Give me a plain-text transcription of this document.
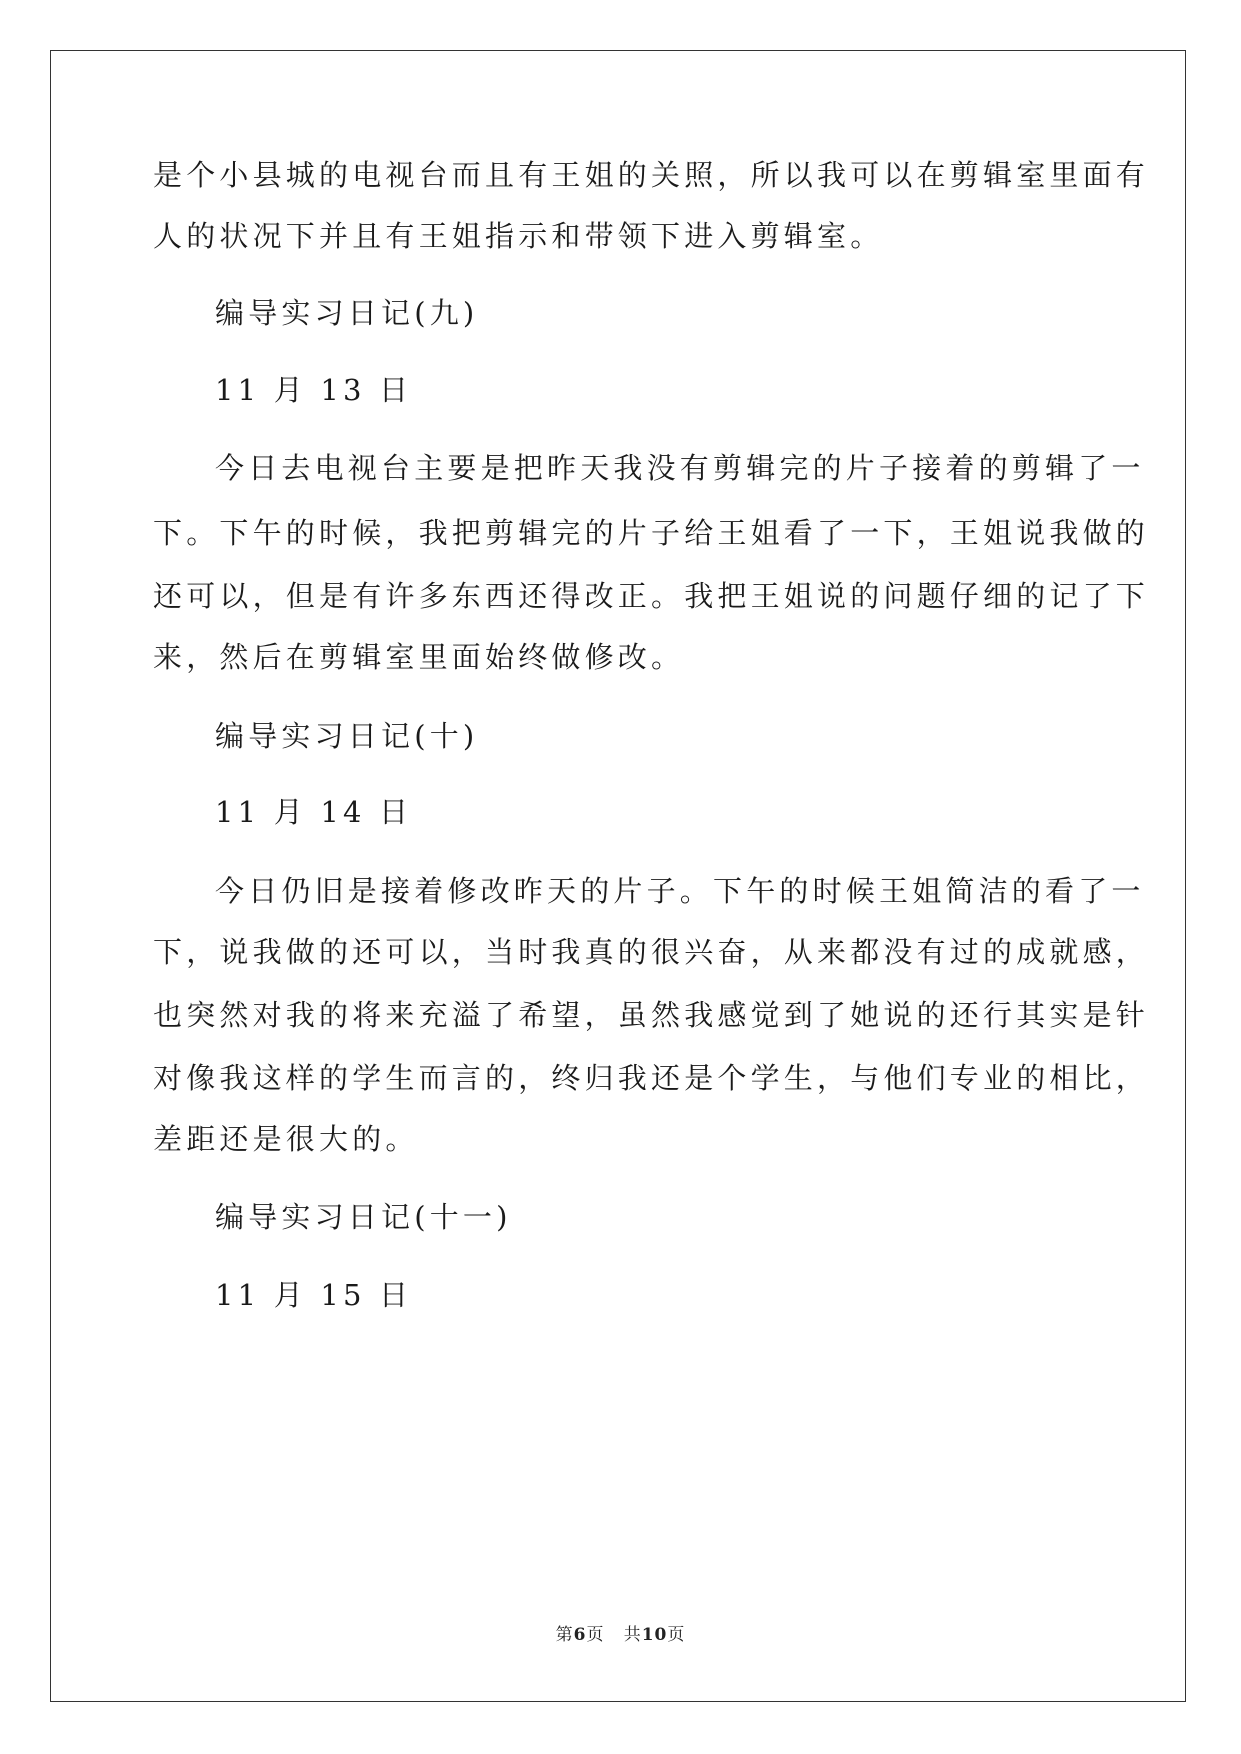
是个小县城的电视台而且有王姐的关照，所以我可以在剪辑室里面有
人的状况下并且有王姐指示和带领下进入剪辑室。
编导实习日记(九)
11 月 13 日
今日去电视台主要是把昨天我没有剪辑完的片子接着的剪辑了一
下。下午的时候，我把剪辑完的片子给王姐看了一下，王姐说我做的
还可以，但是有许多东西还得改正。我把王姐说的问题仔细的记了下
来，然后在剪辑室里面始终做修改。
编导实习日记(十)
11 月 14 日
今日仍旧是接着修改昨天的片子。下午的时候王姐简洁的看了一
下，说我做的还可以，当时我真的很兴奋，从来都没有过的成就感，
也突然对我的将来充溢了希望，虽然我感觉到了她说的还行其实是针
对像我这样的学生而言的，终归我还是个学生，与他们专业的相比，
差距还是很大的。
编导实习日记(十一)
11 月 15 日
第6页 共10页
